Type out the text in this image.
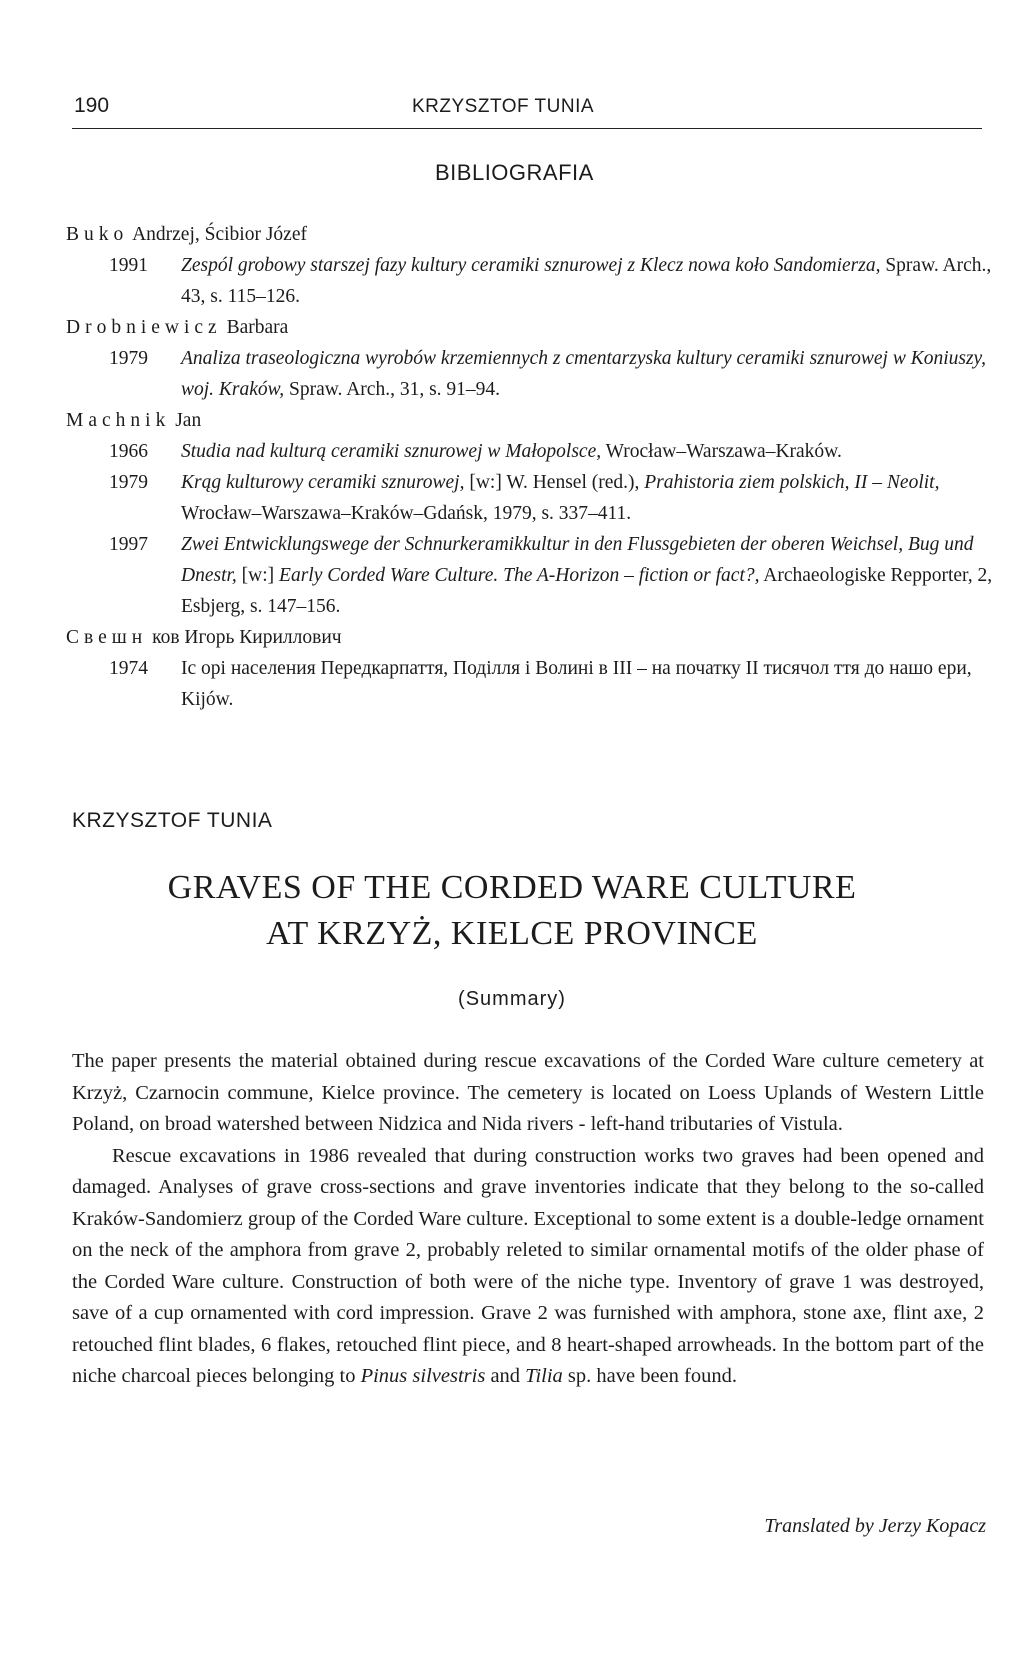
190	KRZYSZTOF TUNIA
BIBLIOGRAFIA
Buko Andrzej, Ścibior Józef
1991	Zespól grobowy starszej fazy kultury ceramiki sznurowej z Klecz nowa koło Sandomierza, Spraw. Arch., 43, s. 115–126.
Drobniewicz Barbara
1979	Analiza traseologiczna wyrobów krzemiennych z cmentarzyska kultury ceramiki sznurowej w Koniuszy, woj. Kraków, Spraw. Arch., 31, s. 91–94.
Machnik Jan
1966	Studia nad kulturą ceramiki sznurowej w Małopolsce, Wrocław–Warszawa–Kraków.
1979	Krąg kulturowy ceramiki sznurowej, [w:] W. Hensel (red.), Prahistoria ziem polskich, II – Neolit, Wrocław–Warszawa–Kraków–Gdańsk, 1979, s. 337–411.
1997	Zwei Entwicklungswege der Schnurkeramikkultur in den Flussgebieten der oberen Weichsel, Bug und Dnestr, [w:] Early Corded Ware Culture. The A-Horizon – fiction or fact?, Archaeologiske Repporter, 2, Esbjerg, s. 147–156.
Свешн ков Игорь Кириллович
1974	Іс орі населения Передкарпаття, Подiлля i Волинi в III – на початку II тисячол ття до нашо ери, Kijów.
KRZYSZTOF TUNIA
GRAVES OF THE CORDED WARE CULTURE
AT KRZYŻ, KIELCE PROVINCE
(Summary)

The paper presents the material obtained during rescue excavations of the Corded Ware culture cemetery at Krzyż, Czarnocin commune, Kielce province. The cemetery is located on Loess Uplands of Western Little Poland, on broad watershed between Nidzica and Nida rivers - left-hand tributaries of Vistula.

Rescue excavations in 1986 revealed that during construction works two graves had been opened and damaged. Analyses of grave cross-sections and grave inventories indicate that they belong to the so-called Kraków-Sandomierz group of the Corded Ware culture. Exceptional to some extent is a double-ledge ornament on the neck of the amphora from grave 2, probably releted to similar ornamental motifs of the older phase of the Corded Ware culture. Construction of both were of the niche type. Inventory of grave 1 was destroyed, save of a cup ornamented with cord impression. Grave 2 was furnished with amphora, stone axe, flint axe, 2 retouched flint blades, 6 flakes, retouched flint piece, and 8 heart-shaped arrowheads. In the bottom part of the niche charcoal pieces belonging to Pinus silvestris and Tilia sp. have been found.

Translated by Jerzy Kopacz
